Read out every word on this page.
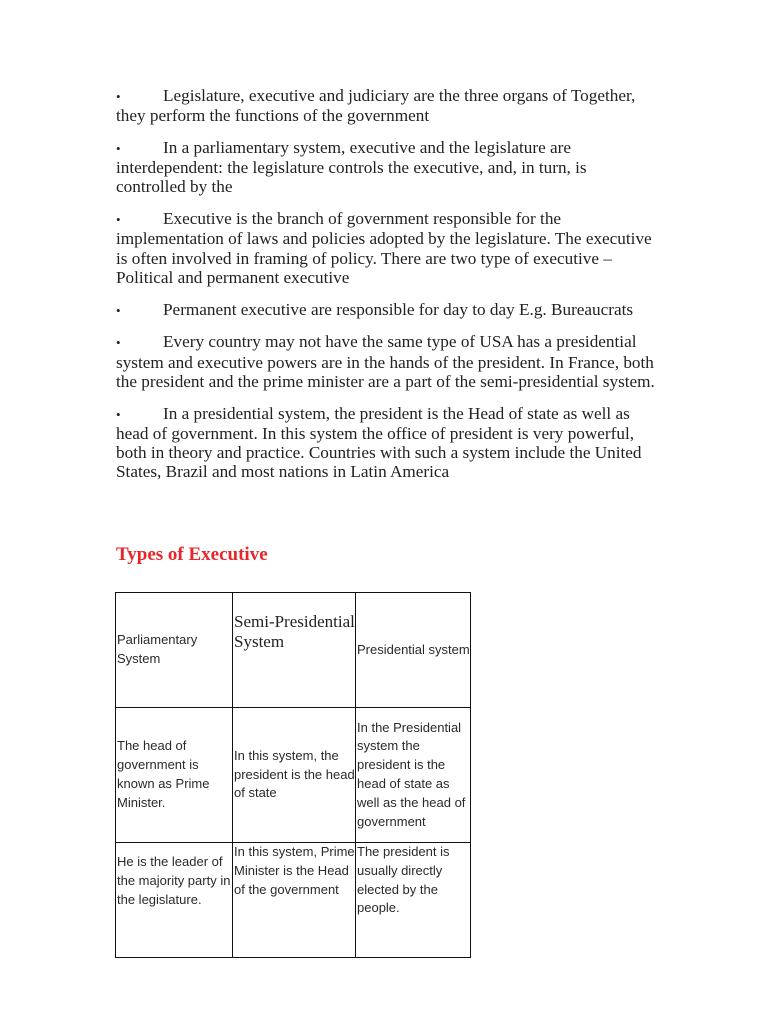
• Legislature, executive and judiciary are the three organs of Together, they perform the functions of the government
• In a parliamentary system, executive and the legislature are interdependent: the legislature controls the executive, and, in turn, is controlled by the
• Executive is the branch of government responsible for the implementation of laws and policies adopted by the legislature. The executive is often involved in framing of policy. There are two type of executive – Political and permanent executive
• Permanent executive are responsible for day to day E.g. Bureaucrats
• Every country may not have the same type of USA has a presidential system and executive powers are in the hands of the president. In France, both the president and the prime minister are a part of the semi-presidential system.
• In a presidential system, the president is the Head of state as well as head of government. In this system the office of president is very powerful, both in theory and practice. Countries with such a system include the United States, Brazil and most nations in Latin America
Types of Executive
Parliamentary System	Semi-Presidential System	Presidential system
The head of government is known as Prime Minister.	In this system, the president is the head of state	In the Presidential system the president is the head of state as well as the head of government
He is the leader of the majority party in the legislature.	In this system, Prime Minister is the Head of the government	The president is usually directly elected by the people.
